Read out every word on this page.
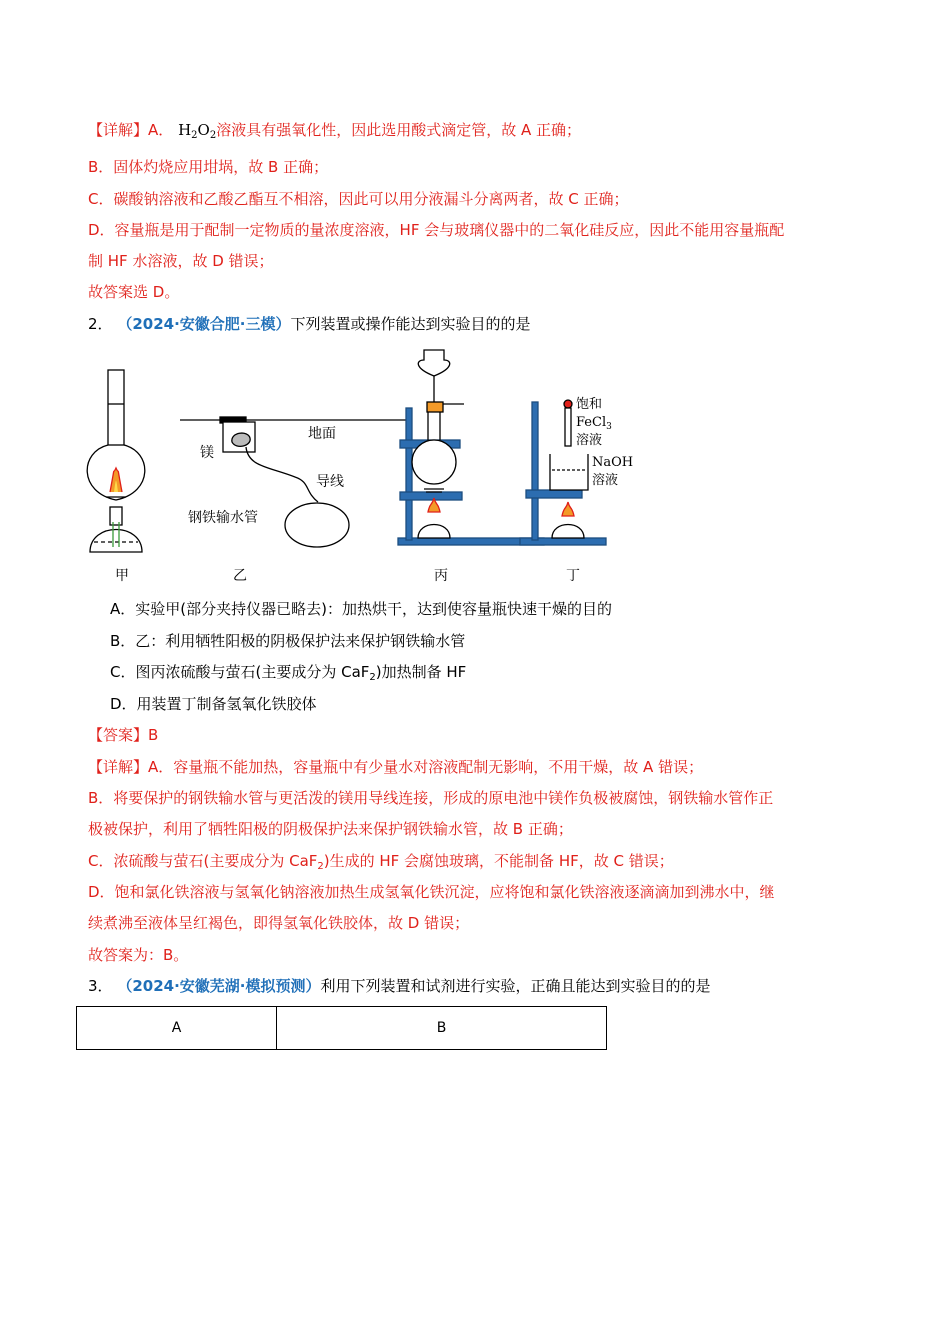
【详解】A． $H_2O_2$溶液具有强氧化性，因此选用酸式滴定管，故 A 正确；
B．固体灼烧应用坩埚，故 B 正确；
C．碳酸钠溶液和乙酸乙酯互不相溶，因此可以用分液漏斗分离两者，故 C 正确；
D．容量瓶是用于配制一定物质的量浓度溶液，HF 会与玻璃仪器中的二氧化硅反应，因此不能用容量瓶配
制 HF 水溶液，故 D 错误；
故答案选 D。
2． （2024·安徽合肥·三模）下列装置或操作能达到实验目的的是
地面
镁
导线
钢铁输水管
饱和
FeCl$_3$
溶液
NaOH
溶液
甲	乙	丙	丁
A．实验甲(部分夹持仪器已略去)：加热烘干，达到使容量瓶快速干燥的目的
B．乙：利用牺牲阳极的阴极保护法来保护钢铁输水管
C．图丙浓硫酸与萤石(主要成分为 CaF$_2$)加热制备 HF
D．用装置丁制备氢氧化铁胶体
【答案】B
【详解】A．容量瓶不能加热，容量瓶中有少量水对溶液配制无影响，不用干燥，故 A 错误；
B．将要保护的钢铁输水管与更活泼的镁用导线连接，形成的原电池中镁作负极被腐蚀，钢铁输水管作正
极被保护，利用了牺牲阳极的阴极保护法来保护钢铁输水管，故 B 正确；
C．浓硫酸与萤石(主要成分为 CaF$_2$)生成的 HF 会腐蚀玻璃，不能制备 HF，故 C 错误；
D．饱和氯化铁溶液与氢氧化钠溶液加热生成氢氧化铁沉淀，应将饱和氯化铁溶液逐滴滴加到沸水中，继
续煮沸至液体呈红褐色，即得氢氧化铁胶体，故 D 错误；
故答案为：B。
3． （2024·安徽芜湖·模拟预测）利用下列装置和试剂进行实验，正确且能达到实验目的的是
A	B
